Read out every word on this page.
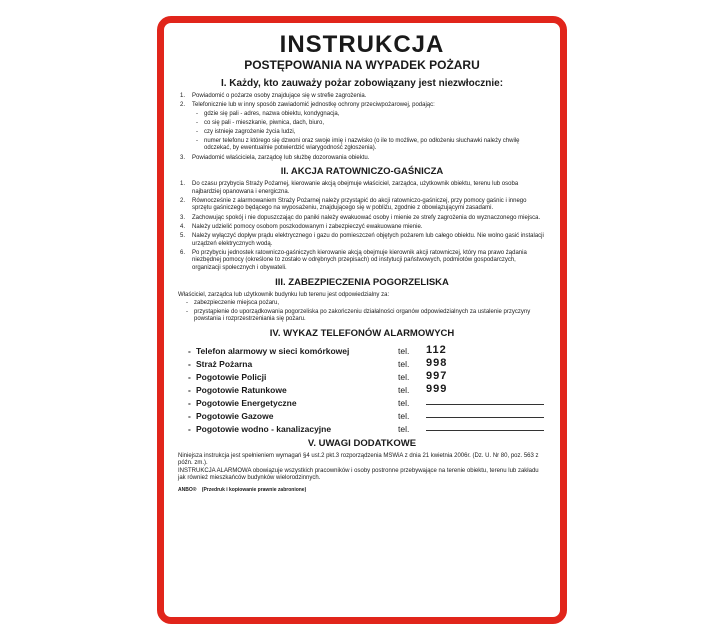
INSTRUKCJA
POSTĘPOWANIA NA WYPADEK POŻARU
I. Każdy, kto zauważy pożar zobowiązany jest niezwłocznie:
1. Powiadomić o pożarze osoby znajdujące się w strefie zagrożenia.
2. Telefonicznie lub w inny sposób zawiadomić jednostkę ochrony przeciwpożarowej, podając:
- gdzie się pali - adres, nazwa obiektu, kondygnacja,
- co się pali - mieszkanie, piwnica, dach, biuro,
- czy istnieje zagrożenie życia ludzi,
- numer telefonu z którego się dzwoni oraz swoje imię i nazwisko (o ile to możliwe, po odłożeniu słuchawki należy chwilę odczekać, by ewentualnie potwierdzić wiarygodność zgłoszenia).
3. Powiadomić właściciela, zarządcę lub służbę dozorowania obiektu.
II. AKCJA RATOWNICZO-GAŚNICZA
1. Do czasu przybycia Straży Pożarnej, kierowanie akcją obejmuje właściciel, zarządca, użytkownik obiektu, terenu lub osoba najbardziej opanowana i energiczna.
2. Równocześnie z alarmowaniem Straży Pożarnej należy przystąpić do akcji ratowniczo-gaśniczej, przy pomocy gaśnic i innego sprzętu gaśniczego będącego na wyposażeniu, znajdującego się w pobliżu, zgodnie z obowiązującymi zasadami.
3. Zachowując spokój i nie dopuszczając do paniki należy ewakuować osoby i mienie ze strefy zagrożenia do wyznaczonego miejsca.
4. Należy udzielić pomocy osobom poszkodowanym i zabezpieczyć ewakuowane mienie.
5. Należy wyłączyć dopływ prądu elektrycznego i gazu do pomieszczeń objętych pożarem lub całego obiektu. Nie wolno gasić instalacji urządzeń elektrycznych wodą.
6. Po przybyciu jednostek ratowniczo-gaśniczych kierowanie akcją obejmuje kierownik akcji ratowniczej, który ma prawo żądania niezbędnej pomocy (określone to zostało w odrębnych przepisach) od instytucji państwowych, podmiotów gospodarczych, organizacji społecznych i obywateli.
III. ZABEZPIECZENIA POGORZELISKA

Właściciel, zarządca lub użytkownik budynku lub terenu jest odpowiedzialny za:

- zabezpieczenie miejsca pożaru,
- przystąpienie do uporządkowania pogorzeliska po zakończeniu działalności organów odpowiedzialnych za ustalenie przyczyny powstania i rozprzestrzeniania się pożaru.
IV. WYKAZ TELEFONÓW ALARMOWYCH
- Telefon alarmowy w sieci komórkowej	tel.	112
- Straż Pożarna	tel.	998
- Pogotowie Policji	tel.	997
- Pogotowie Ratunkowe	tel.	999
- Pogotowie Energetyczne	tel.	
- Pogotowie Gazowe	tel.	
- Pogotowie wodno - kanalizacyjne	tel.	
V. UWAGI DODATKOWE

Niniejsza instrukcja jest spełnieniem wymagań §4 ust.2 pkt.3 rozporządzenia MSWiA z dnia 21 kwietnia 2006r. (Dz. U. Nr 80, poz. 563 z późn. zm.).

INSTRUKCJA ALARMOWA obowiązuje wszystkich pracowników i osoby postronne przebywające na terenie obiektu, terenu lub zakładu jak również mieszkańców budynków wielorodzinnych.

ANBO® (Przedruk i kopiowanie prawnie zabronione)
